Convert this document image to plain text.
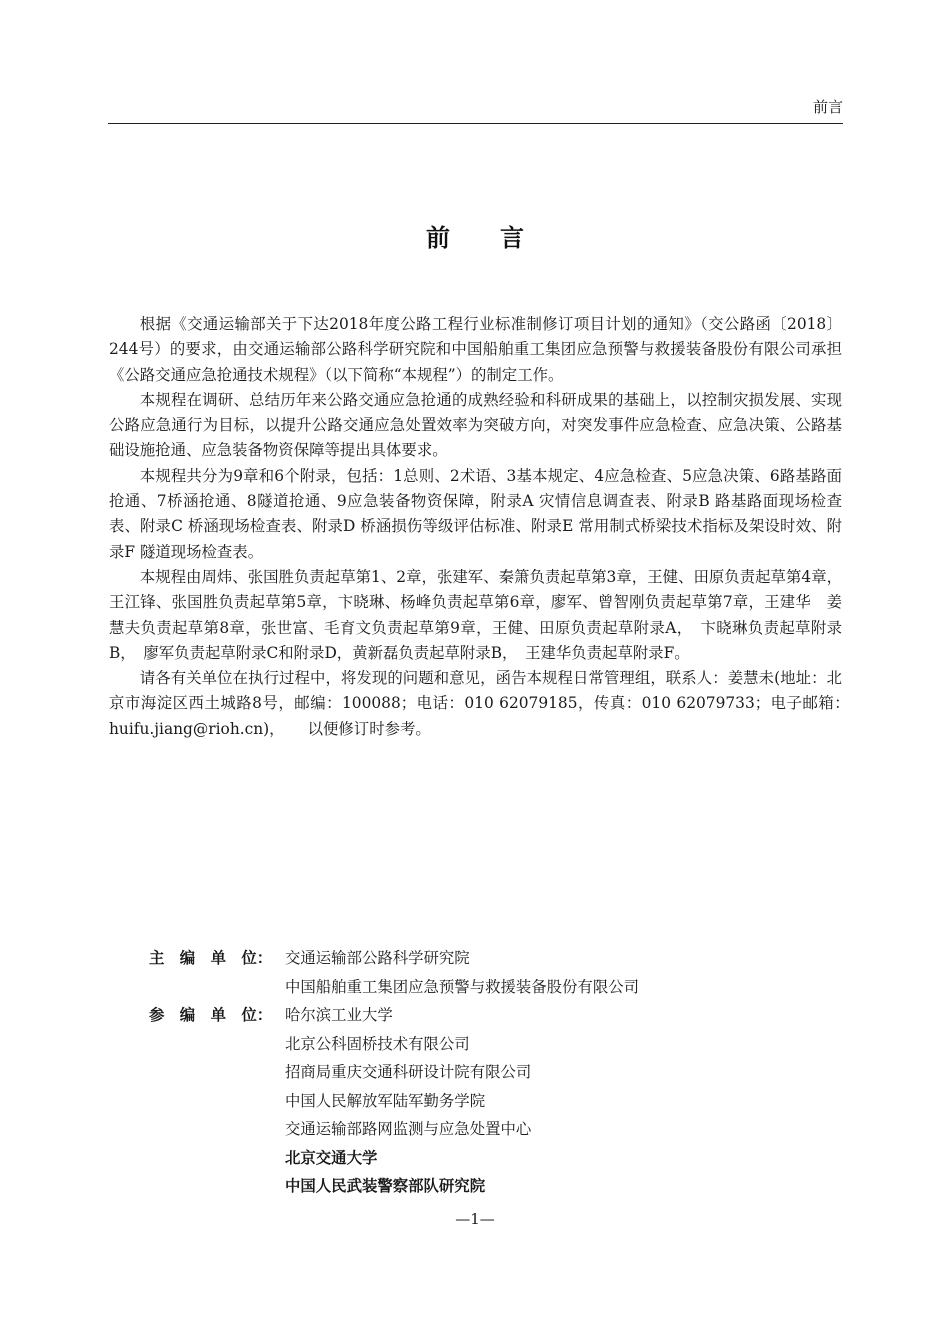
前言
前言

根据《交通运输部关于下达2018年度公路工程行业标准制修订项目计划的通知》（交公路函〔2018〕244号）的要求，由交通运输部公路科学研究院和中国船舶重工集团应急预警与救援装备股份有限公司承担《公路交通应急抢通技术规程》（以下简称“本规程”）的制定工作。

本规程在调研、总结历年来公路交通应急抢通的成熟经验和科研成果的基础上，以控制灾损发展、实现公路应急通行为目标，以提升公路交通应急处置效率为突破方向，对突发事件应急检查、应急决策、公路基础设施抢通、应急装备物资保障等提出具体要求。

本规程共分为9章和6个附录，包括：1总则、2术语、3基本规定、4应急检查、5应急决策、6路基路面抢通、7桥涵抢通、8隧道抢通、9应急装备物资保障，附录A 灾情信息调查表、附录B 路基路面现场检查表、附录C 桥涵现场检查表、附录D 桥涵损伤等级评估标准、附录E 常用制式桥梁技术指标及架设时效、附录F 隧道现场检查表。

本规程由周炜、张国胜负责起草第1、2章，张建军、秦箫负责起草第3章，王健、田原负责起草第4章，王江锋、张国胜负责起草第5章，卞晓琳、杨峰负责起草第6章，廖军、曾智刚负责起草第7章，王建华　姜慧夫负责起草第8章，张世富、毛育文负责起草第9章，王健、田原负责起草附录A，　卞晓琳负责起草附录B，　廖军负责起草附录C和附录D，黄新磊负责起草附录B，　王建华负责起草附录F。

请各有关单位在执行过程中，将发现的问题和意见，函告本规程日常管理组，联系人：姜慧未(地址：北京市海淀区西土城路8号，邮编：100088；电话：010 62079185，传真：010 62079733；电子邮箱：　huifu.jiang@rioh.cn)，　　以便修订时参考。

主　编　单　位： 交通运输部公路科学研究院
中国船舶重工集团应急预警与救援装备股份有限公司
参　编　单　位： 哈尔滨工业大学
北京公科固桥技术有限公司
招商局重庆交通科研设计院有限公司
中国人民解放军陆军勤务学院
交通运输部路网监测与应急处置中心
北京交通大学
中国人民武装警察部队研究院
—1—
